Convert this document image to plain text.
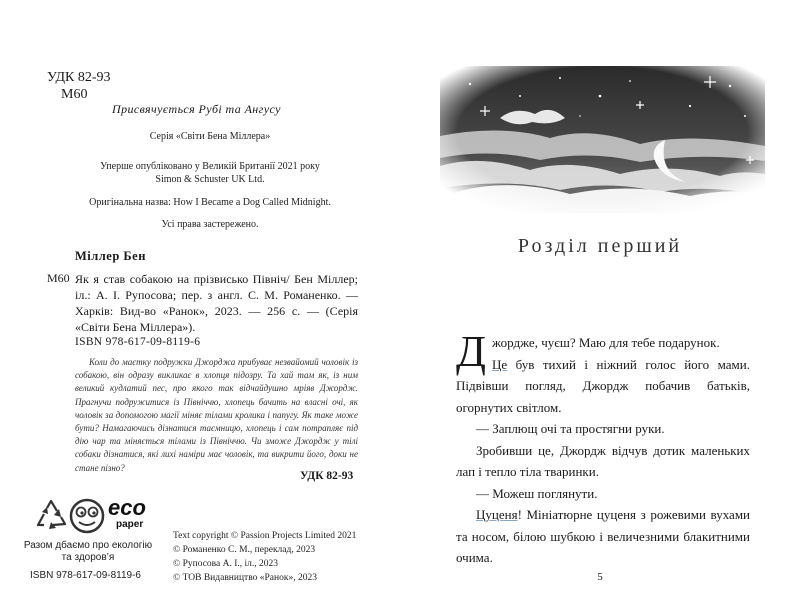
УДК 82-93
М60
Присвячується Рубі та Ангусу
Серія «Світи Бена Міллера»
Уперше опубліковано у Великій Британії 2021 року
Simon & Schuster UK Ltd.
Оригінальна назва: How I Became a Dog Called Midnight.
Усі права застережено.
Міллер Бен
М60 Як я став собакою на прізвисько Північ/ Бен Міллер; іл.: А. І. Рупосова; пер. з англ. С. М. Романенко. — Харків: Вид-во «Ранок», 2023. — 256 с. — (Серія «Світи Бена Міллера»).
ISBN 978-617-09-8119-6
Коли до маєтку подружки Джорджа прибуває незвайомий чоловік із собакою, він одразу викликає в хлопця підозру. Та хай там як, із ним великий кудлатий пес, про якого так відчайдушно мріяв Джордж. Прагнучи подружитися із Північчю, хлопець бачить на власні очі, як чоловік за допомогою магії міняє тілами кролика і папугу. Як таке може бути? Намагаючись дізнатися таємницю, хлопець і сам потрапляє під дію чар та міняється тілами із Північчю. Чи зможе Джордж у тілі собаки дізнатися, які лихі наміри має чоловік, та викрити його, доки не стане пізно?
УДК 82-93
eco
paper
Разом дбаємо про екологію та здоров’я
ISBN 978-617-09-8119-6
Text copyright © Passion Projects Limited 2021
© Романенко С. М., переклад, 2023
© Рупосова А. І., іл., 2023
© ТОВ Видавництво «Ранок», 2023
Розділ перший

Джордже, чуєш? Маю для тебе подарунок.

Це був тихий і ніжний голос його мами. Підвівши погляд, Джордж побачив батьків, огорнутих світлом.

— Заплющ очі та простягни руки.

Зробивши це, Джордж відчув дотик маленьких лап і тепло тіла тваринки.

— Можеш поглянути.

Цуценя! Мініатюрне цуценя з рожевими вухами та носом, білою шубкою і величезними блакитними очима.

5
